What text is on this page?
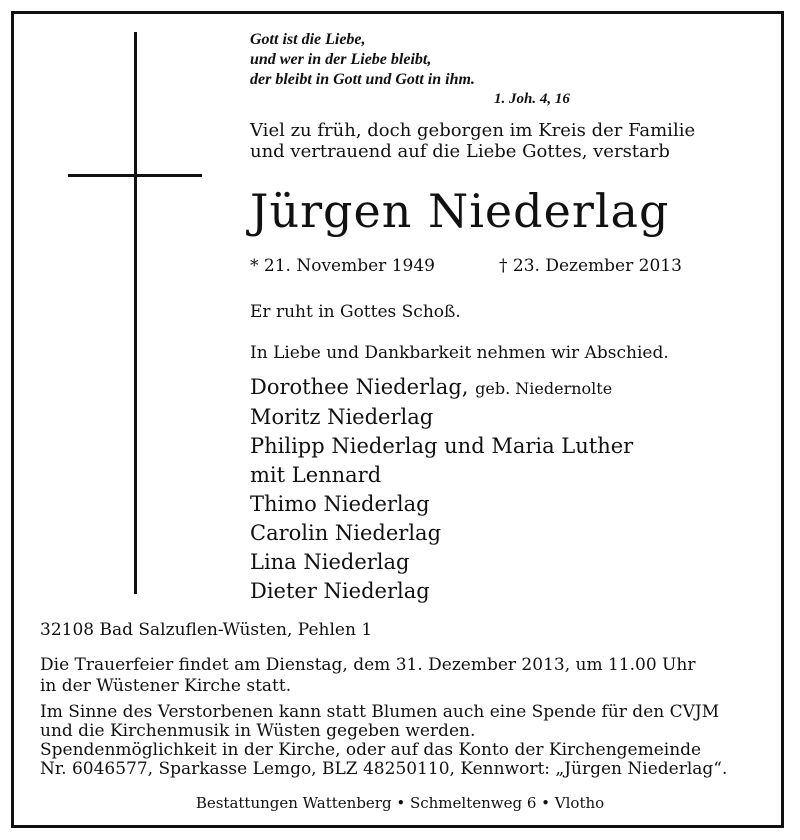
Gott ist die Liebe,
und wer in der Liebe bleibt,
der bleibt in Gott und Gott in ihm.
1. Joh. 4, 16
Viel zu früh, doch geborgen im Kreis der Familie
und vertrauend auf die Liebe Gottes, verstarb
Jürgen Niederlag
* 21. November 1949	† 23. Dezember 2013
Er ruht in Gottes Schoß.
In Liebe und Dankbarkeit nehmen wir Abschied.
Dorothee Niederlag, geb. Niedernolte
Moritz Niederlag
Philipp Niederlag und Maria Luther
mit Lennard
Thimo Niederlag
Carolin Niederlag
Lina Niederlag
Dieter Niederlag
32108 Bad Salzuflen-Wüsten, Pehlen 1
Die Trauerfeier findet am Dienstag, dem 31. Dezember 2013, um 11.00 Uhr
in der Wüstener Kirche statt.
Im Sinne des Verstorbenen kann statt Blumen auch eine Spende für den CVJM
und die Kirchenmusik in Wüsten gegeben werden.
Spendenmöglichkeit in der Kirche, oder auf das Konto der Kirchengemeinde
Nr. 6046577, Sparkasse Lemgo, BLZ 48250110, Kennwort: „Jürgen Niederlag“.
Bestattungen Wattenberg • Schmeltenweg 6 • Vlotho
